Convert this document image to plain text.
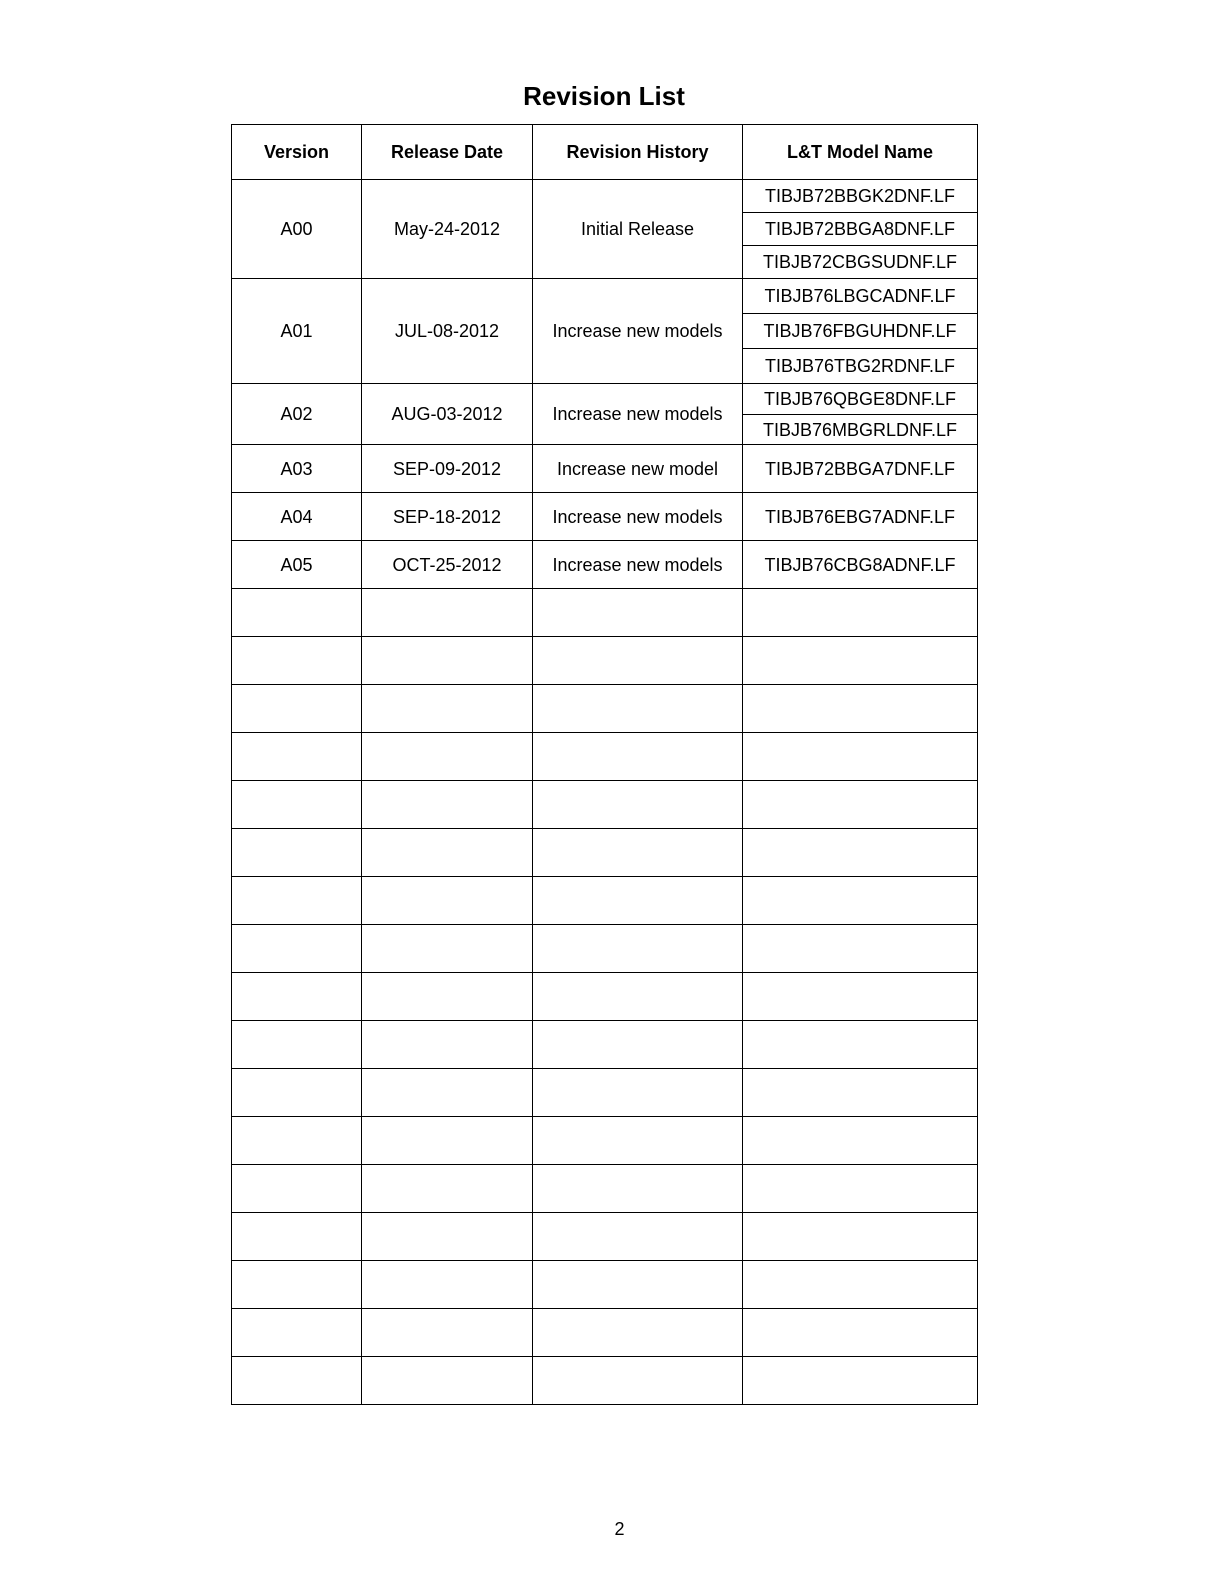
Revision List
Version	Release Date	Revision History	L&T Model Name
A00	May-24-2012	Initial Release	TIBJB72BBGK2DNF.LF
			TIBJB72BBGA8DNF.LF
			TIBJB72CBGSUDNF.LF
A01	JUL-08-2012	Increase new models	TIBJB76LBGCADNF.LF
			TIBJB76FBGUHDNF.LF
			TIBJB76TBG2RDNF.LF
A02	AUG-03-2012	Increase new models	TIBJB76QBGE8DNF.LF
			TIBJB76MBGRLDNF.LF
A03	SEP-09-2012	Increase new model	TIBJB72BBGA7DNF.LF
A04	SEP-18-2012	Increase new models	TIBJB76EBG7ADNF.LF
A05	OCT-25-2012	Increase new models	TIBJB76CBG8ADNF.LF

2
